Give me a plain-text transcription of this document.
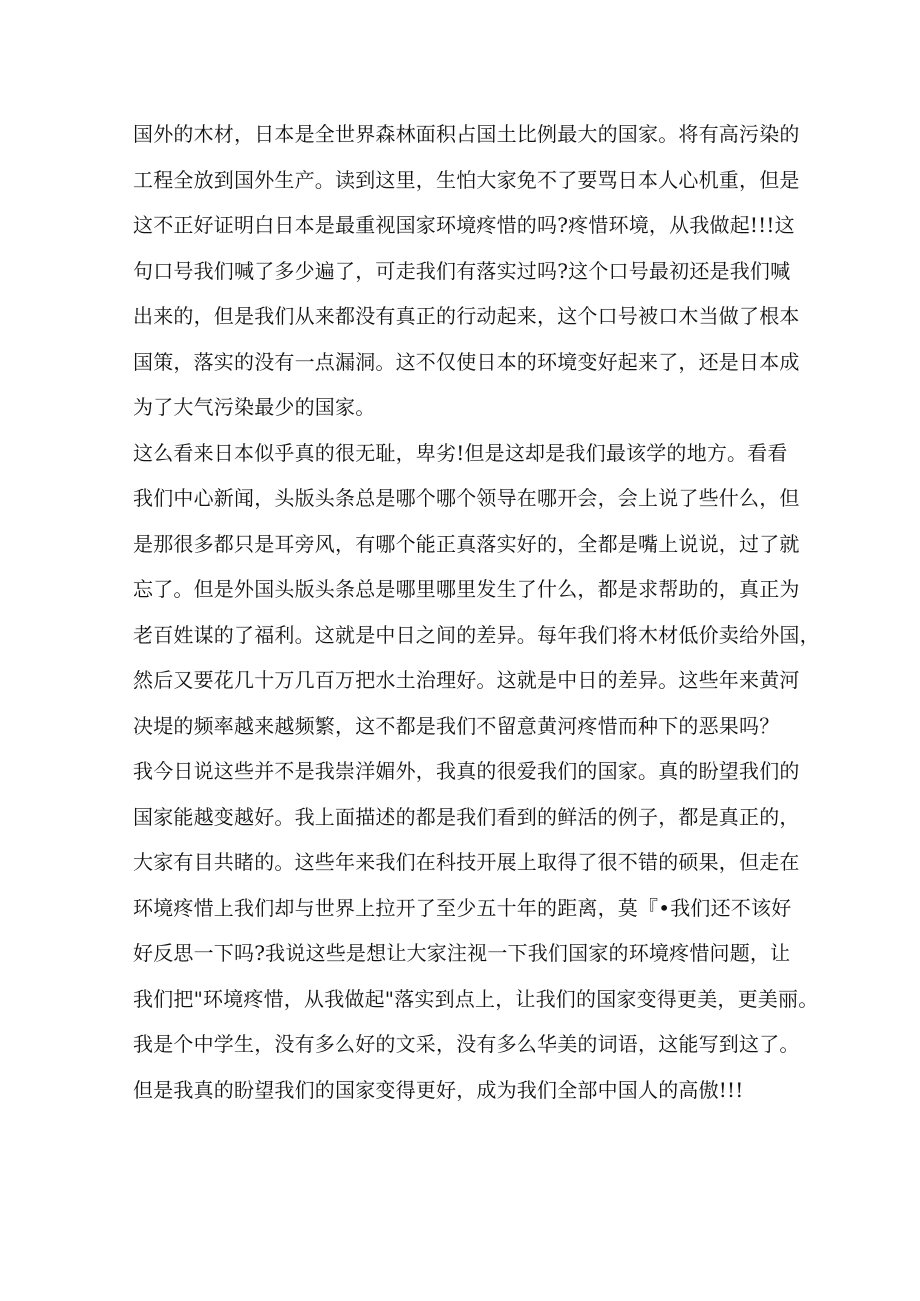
国外的木材，日本是全世界森林面积占国土比例最大的国家。将有高污染的
工程全放到国外生产。读到这里，生怕大家免不了要骂日本人心机重，但是
这不正好证明白日本是最重视国家环境疼惜的吗?疼惜环境，从我做起!!!这
句口号我们喊了多少遍了，可走我们有落实过吗?这个口号最初还是我们喊
出来的，但是我们从来都没有真正的行动起来，这个口号被口木当做了根本
国策，落实的没有一点漏洞。这不仅使日本的环境变好起来了，还是日本成
为了大气污染最少的国家。
这么看来日本似乎真的很无耻，卑劣!但是这却是我们最该学的地方。看看
我们中心新闻，头版头条总是哪个哪个领导在哪开会，会上说了些什么，但
是那很多都只是耳旁风，有哪个能正真落实好的，全都是嘴上说说，过了就
忘了。但是外国头版头条总是哪里哪里发生了什么，都是求帮助的，真正为
老百姓谋的了福利。这就是中日之间的差异。每年我们将木材低价卖给外国，
然后又要花几十万几百万把水土治理好。这就是中日的差异。这些年来黄河
决堤的频率越来越频繁，这不都是我们不留意黄河疼惜而种下的恶果吗？
我今日说这些并不是我崇洋媚外，我真的很爱我们的国家。真的盼望我们的
国家能越变越好。我上面描述的都是我们看到的鲜活的例子，都是真正的，
大家有目共睹的。这些年来我们在科技开展上取得了很不错的硕果，但走在
环境疼惜上我们却与世界上拉开了至少五十年的距离，莫『•我们还不该好
好反思一下吗?我说这些是想让大家注视一下我们国家的环境疼惜问题，让
我们把"环境疼惜，从我做起"落实到点上，让我们的国家变得更美，更美丽。
我是个中学生，没有多么好的文采，没有多么华美的词语，这能写到这了。
但是我真的盼望我们的国家变得更好，成为我们全部中国人的高傲!!!
